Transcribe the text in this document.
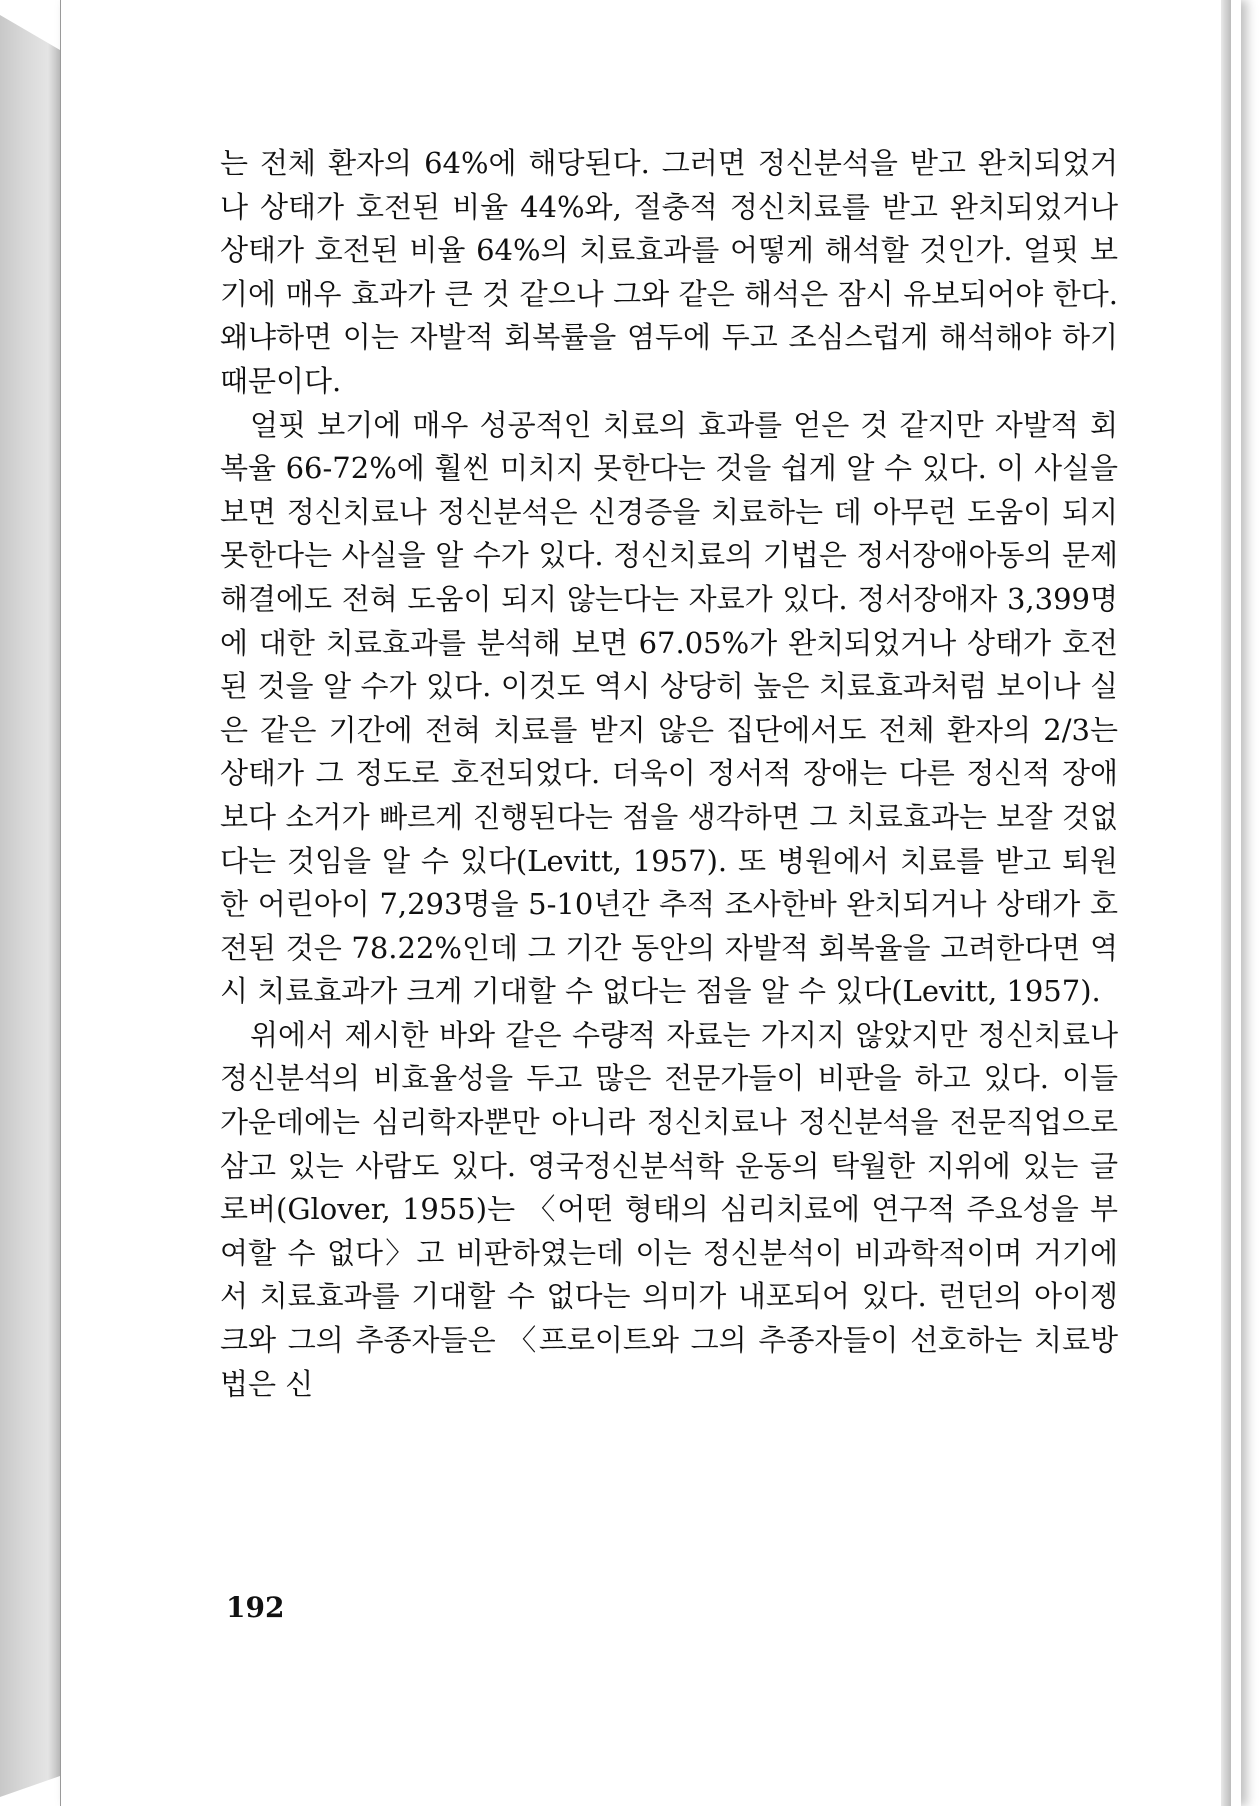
는 전체 환자의 64%에 해당된다. 그러면 정신분석을 받고 완치되었거나 상태가 호전된 비율 44%와, 절충적 정신치료를 받고 완치되었거나 상태가 호전된 비율 64%의 치료효과를 어떻게 해석할 것인가. 얼핏 보기에 매우 효과가 큰 것 같으나 그와 같은 해석은 잠시 유보되어야 한다. 왜냐하면 이는 자발적 회복률을 염두에 두고 조심스럽게 해석해야 하기 때문이다.

얼핏 보기에 매우 성공적인 치료의 효과를 얻은 것 같지만 자발적 회복율 66-72%에 훨씬 미치지 못한다는 것을 쉽게 알 수 있다. 이 사실을 보면 정신치료나 정신분석은 신경증을 치료하는 데 아무런 도움이 되지 못한다는 사실을 알 수가 있다. 정신치료의 기법은 정서장애아동의 문제해결에도 전혀 도움이 되지 않는다는 자료가 있다. 정서장애자 3,399명에 대한 치료효과를 분석해 보면 67.05%가 완치되었거나 상태가 호전된 것을 알 수가 있다. 이것도 역시 상당히 높은 치료효과처럼 보이나 실은 같은 기간에 전혀 치료를 받지 않은 집단에서도 전체 환자의 2/3는 상태가 그 정도로 호전되었다. 더욱이 정서적 장애는 다른 정신적 장애보다 소거가 빠르게 진행된다는 점을 생각하면 그 치료효과는 보잘 것없다는 것임을 알 수 있다(Levitt, 1957). 또 병원에서 치료를 받고 퇴원한 어린아이 7,293명을 5-10년간 추적 조사한바 완치되거나 상태가 호전된 것은 78.22%인데 그 기간 동안의 자발적 회복율을 고려한다면 역시 치료효과가 크게 기대할 수 없다는 점을 알 수 있다(Levitt, 1957).

위에서 제시한 바와 같은 수량적 자료는 가지지 않았지만 정신치료나 정신분석의 비효율성을 두고 많은 전문가들이 비판을 하고 있다. 이들 가운데에는 심리학자뿐만 아니라 정신치료나 정신분석을 전문직업으로 삼고 있는 사람도 있다. 영국정신분석학 운동의 탁월한 지위에 있는 글로버(Glover, 1955)는 〈어떤 형태의 심리치료에 연구적 주요성을 부여할 수 없다〉고 비판하였는데 이는 정신분석이 비과학적이며 거기에서 치료효과를 기대할 수 없다는 의미가 내포되어 있다. 런던의 아이젱크와 그의 추종자들은 〈프로이트와 그의 추종자들이 선호하는 치료방법은 신

192
